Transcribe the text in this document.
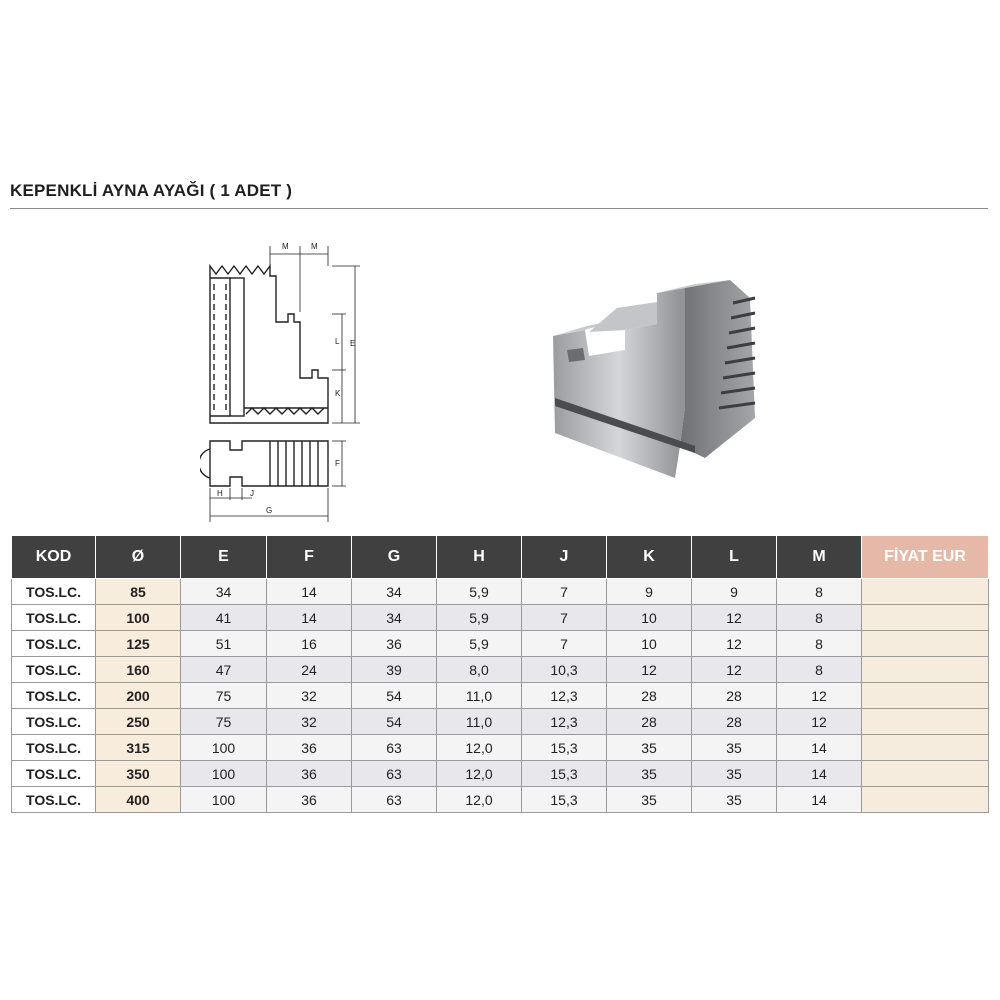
KEPENKLİ AYNA AYAĞI ( 1 ADET )
M	M
E
L
K
F
H	J
G
KOD	Ø	E	F	G	H	J	K	L	M	FİYAT EUR
TOS.LC.	85	34	14	34	5,9	7	9	9	8	
TOS.LC.	100	41	14	34	5,9	7	10	12	8	
TOS.LC.	125	51	16	36	5,9	7	10	12	8	
TOS.LC.	160	47	24	39	8,0	10,3	12	12	8	
TOS.LC.	200	75	32	54	11,0	12,3	28	28	12	
TOS.LC.	250	75	32	54	11,0	12,3	28	28	12	
TOS.LC.	315	100	36	63	12,0	15,3	35	35	14	
TOS.LC.	350	100	36	63	12,0	15,3	35	35	14	
TOS.LC.	400	100	36	63	12,0	15,3	35	35	14	
